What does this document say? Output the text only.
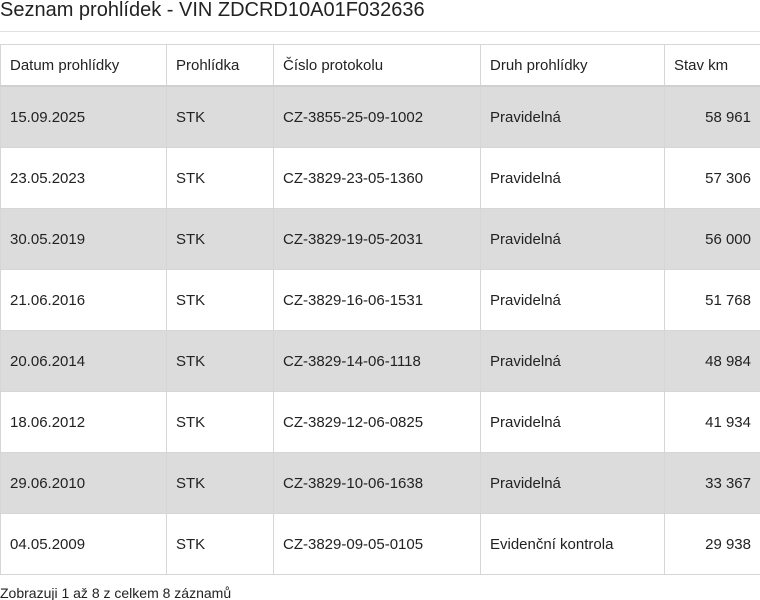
Seznam prohlídek - VIN ZDCRD10A01F032636
Datum prohlídky	Prohlídka	Číslo protokolu	Druh prohlídky	Stav km
15.09.2025	STK	CZ-3855-25-09-1002	Pravidelná	58 961
23.05.2023	STK	CZ-3829-23-05-1360	Pravidelná	57 306
30.05.2019	STK	CZ-3829-19-05-2031	Pravidelná	56 000
21.06.2016	STK	CZ-3829-16-06-1531	Pravidelná	51 768
20.06.2014	STK	CZ-3829-14-06-1118	Pravidelná	48 984
18.06.2012	STK	CZ-3829-12-06-0825	Pravidelná	41 934
29.06.2010	STK	CZ-3829-10-06-1638	Pravidelná	33 367
04.05.2009	STK	CZ-3829-09-05-0105	Evidenční kontrola	29 938
Zobrazuji 1 až 8 z celkem 8 záznamů
